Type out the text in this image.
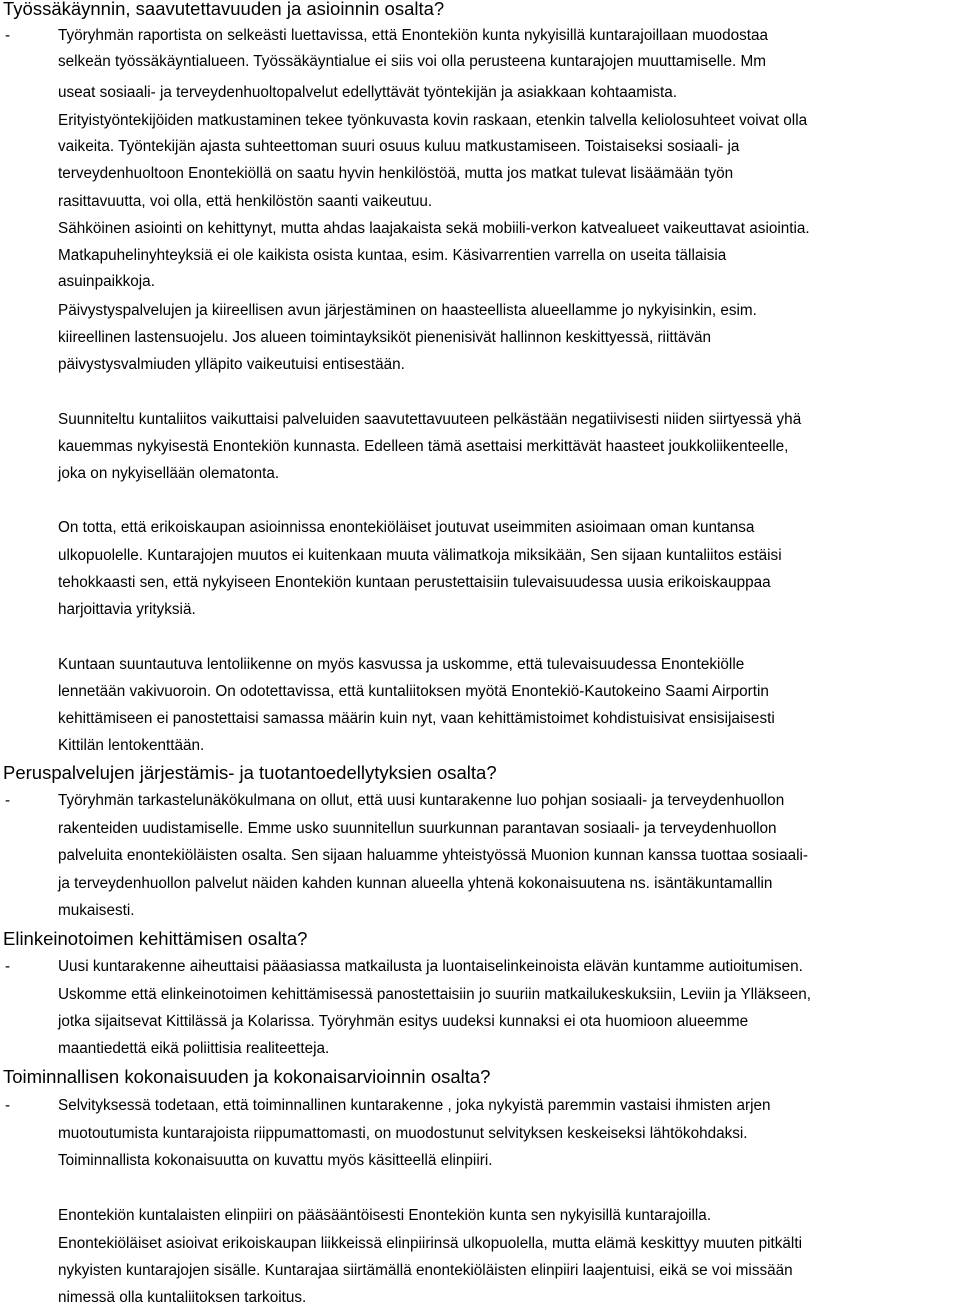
Työssäkäynnin, saavutettavuuden ja asioinnin osalta?
-	Työryhmän raportista on selkeästi luettavissa, että Enontekiön kunta nykyisillä kuntarajoillaan muodostaa
selkeän työssäkäyntialueen. Työssäkäyntialue ei siis voi olla perusteena kuntarajojen muuttamiselle. Mm
useat sosiaali- ja terveydenhuoltopalvelut edellyttävät työntekijän ja asiakkaan kohtaamista.
Erityistyöntekijöiden matkustaminen tekee työnkuvasta kovin raskaan, etenkin talvella keliolosuhteet voivat olla
vaikeita. Työntekijän ajasta suhteettoman suuri osuus kuluu matkustamiseen. Toistaiseksi sosiaali- ja
terveydenhuoltoon Enontekiöllä on saatu hyvin henkilöstöä, mutta jos matkat tulevat lisäämään työn
rasittavuutta, voi olla, että henkilöstön saanti vaikeutuu.
Sähköinen asiointi on kehittynyt, mutta ahdas laajakaista sekä mobiili-verkon katvealueet vaikeuttavat asiointia.
Matkapuhelinyhteyksiä ei ole kaikista osista kuntaa, esim. Käsivarrentien varrella on useita tällaisia
asuinpaikkoja.
Päivystyspalvelujen ja kiireellisen avun järjestäminen on haasteellista alueellamme jo nykyisinkin, esim.
kiireellinen lastensuojelu. Jos alueen toimintayksiköt pienenisivät hallinnon keskittyessä, riittävän
päivystysvalmiuden ylläpito vaikeutuisi entisestään.
Suunniteltu kuntaliitos vaikuttaisi palveluiden saavutettavuuteen pelkästään negatiivisesti niiden siirtyessä yhä
kauemmas nykyisestä Enontekiön kunnasta. Edelleen tämä asettaisi merkittävät haasteet joukkoliikenteelle,
joka on nykyisellään olematonta.
On totta, että erikoiskaupan asioinnissa enontekiöläiset joutuvat useimmiten asioimaan oman kuntansa
ulkopuolelle. Kuntarajojen muutos ei kuitenkaan muuta välimatkoja miksikään, Sen sijaan kuntaliitos estäisi
tehokkaasti sen, että nykyiseen Enontekiön kuntaan perustettaisiin tulevaisuudessa uusia erikoiskauppaa
harjoittavia yrityksiä.
Kuntaan suuntautuva lentoliikenne on myös kasvussa ja uskomme, että tulevaisuudessa Enontekiölle
lennetään vakivuoroin. On odotettavissa, että kuntaliitoksen myötä Enontekiö-Kautokeino Saami Airportin
kehittämiseen ei panostettaisi samassa määrin kuin nyt, vaan kehittämistoimet kohdistuisivat ensisijaisesti
Kittilän lentokenttään.
Peruspalvelujen järjestämis- ja tuotantoedellytyksien osalta?
-	Työryhmän tarkastelunäkökulmana on ollut, että uusi kuntarakenne luo pohjan sosiaali- ja terveydenhuollon
rakenteiden uudistamiselle. Emme usko suunnitellun suurkunnan parantavan sosiaali- ja terveydenhuollon
palveluita enontekiöläisten osalta. Sen sijaan haluamme yhteistyössä Muonion kunnan kanssa tuottaa sosiaali-
ja terveydenhuollon palvelut näiden kahden kunnan alueella yhtenä kokonaisuutena ns. isäntäkuntamallin
mukaisesti.
Elinkeinotoimen kehittämisen osalta?
-	Uusi kuntarakenne aiheuttaisi pääasiassa matkailusta ja luontaiselinkeinoista elävän kuntamme autioitumisen.
Uskomme että elinkeinotoimen kehittämisessä panostettaisiin jo suuriin matkailukeskuksiin, Leviin ja Ylläkseen,
jotka sijaitsevat Kittilässä ja Kolarissa. Työryhmän esitys uudeksi kunnaksi ei ota huomioon alueemme
maantiedettä eikä poliittisia realiteetteja.
Toiminnallisen kokonaisuuden ja kokonaisarvioinnin osalta?
-	Selvityksessä todetaan, että toiminnallinen kuntarakenne , joka nykyistä paremmin vastaisi ihmisten arjen
muotoutumista kuntarajoista riippumattomasti, on muodostunut selvityksen keskeiseksi lähtökohdaksi.
Toiminnallista kokonaisuutta on kuvattu myös käsitteellä elinpiiri.
Enontekiön kuntalaisten elinpiiri on pääsääntöisesti Enontekiön kunta sen nykyisillä kuntarajoilla.
Enontekiöläiset asioivat erikoiskaupan liikkeissä elinpiirinsä ulkopuolella, mutta elämä keskittyy muuten pitkälti
nykyisten kuntarajojen sisälle. Kuntarajaa siirtämällä enontekiöläisten elinpiiri laajentuisi, eikä se voi missään
nimessä olla kuntaliitoksen tarkoitus.
